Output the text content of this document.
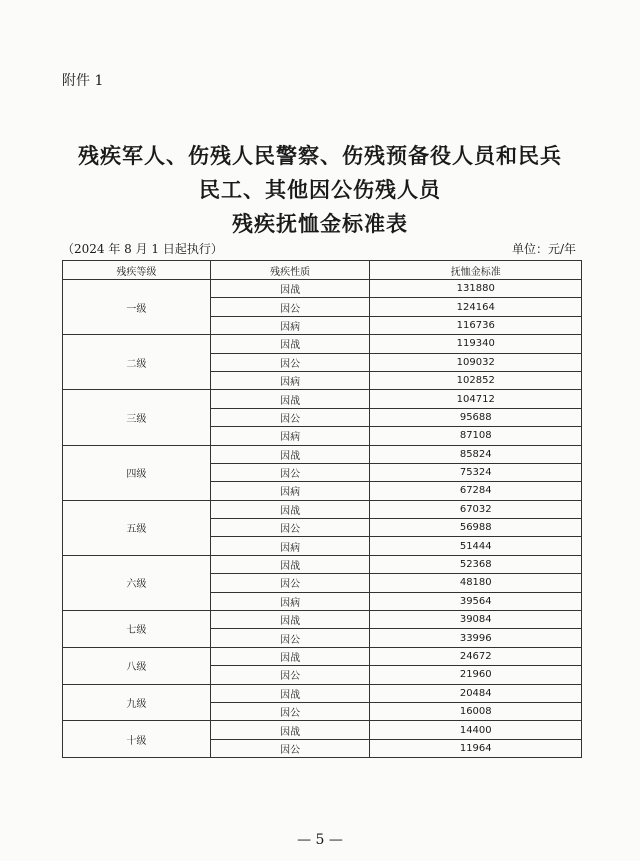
附件 1
残疾军人、伤残人民警察、伤残预备役人员和民兵
民工、其他因公伤残人员
残疾抚恤金标准表
（2024 年 8 月 1 日起执行）	单位：元/年
残疾等级	残疾性质	抚恤金标准
一级	因战	131880
	因公	124164
	因病	116736
二级	因战	119340
	因公	109032
	因病	102852
三级	因战	104712
	因公	95688
	因病	87108
四级	因战	85824
	因公	75324
	因病	67284
五级	因战	67032
	因公	56988
	因病	51444
六级	因战	52368
	因公	48180
	因病	39564
七级	因战	39084
	因公	33996
八级	因战	24672
	因公	21960
九级	因战	20484
	因公	16008
十级	因战	14400
	因公	11964
— 5 —
